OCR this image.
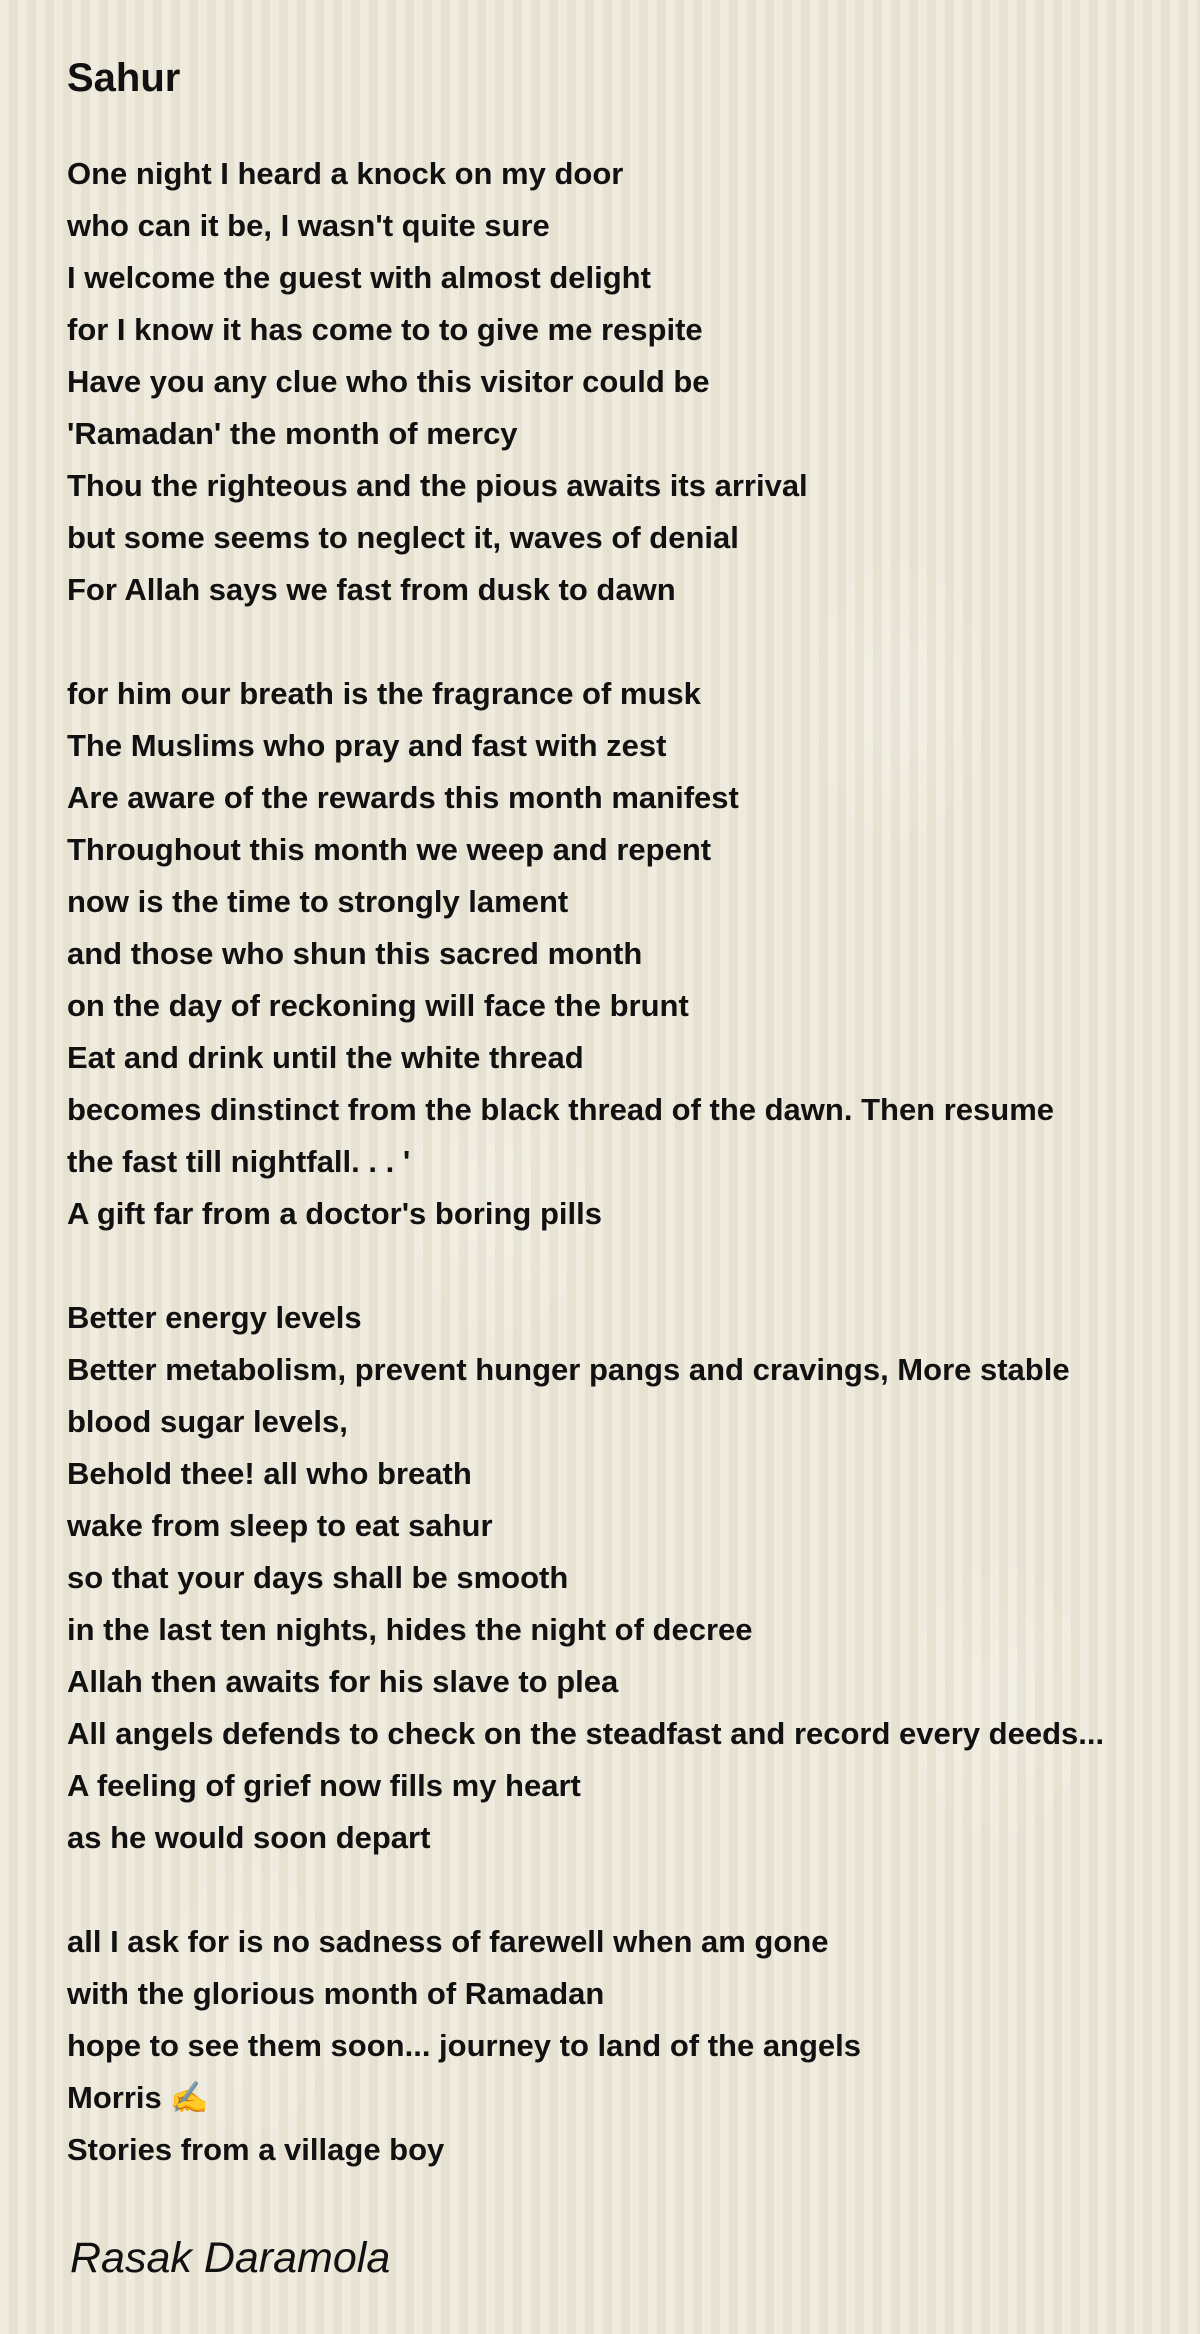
Sahur
One night I heard a knock on my door
who can it be, I wasn't quite sure
I welcome the guest with almost delight
for I know it has come to to give me respite
Have you any clue who this visitor could be
'Ramadan' the month of mercy
Thou the righteous and the pious awaits its arrival
but some seems to neglect it, waves of denial
For Allah says we fast from dusk to dawn
for him our breath is the fragrance of musk
The Muslims who pray and fast with zest
Are aware of the rewards this month manifest
Throughout this month we weep and repent
now is the time to strongly lament
and those who shun this sacred month
on the day of reckoning will face the brunt
Eat and drink until the white thread
becomes dinstinct from the black thread of the dawn. Then resume
the fast till nightfall. . . '
A gift far from a doctor's boring pills
Better energy levels
Better metabolism, prevent hunger pangs and cravings, More stable
blood sugar levels,
Behold thee! all who breath
wake from sleep to eat sahur
so that your days shall be smooth
in the last ten nights, hides the night of decree
Allah then awaits for his slave to plea
All angels defends to check on the steadfast and record every deeds...
A feeling of grief now fills my heart
as he would soon depart
all I ask for is no sadness of farewell when am gone
with the glorious month of Ramadan
hope to see them soon... journey to land of the angels
Morris ✍️
Stories from a village boy
Rasak Daramola
